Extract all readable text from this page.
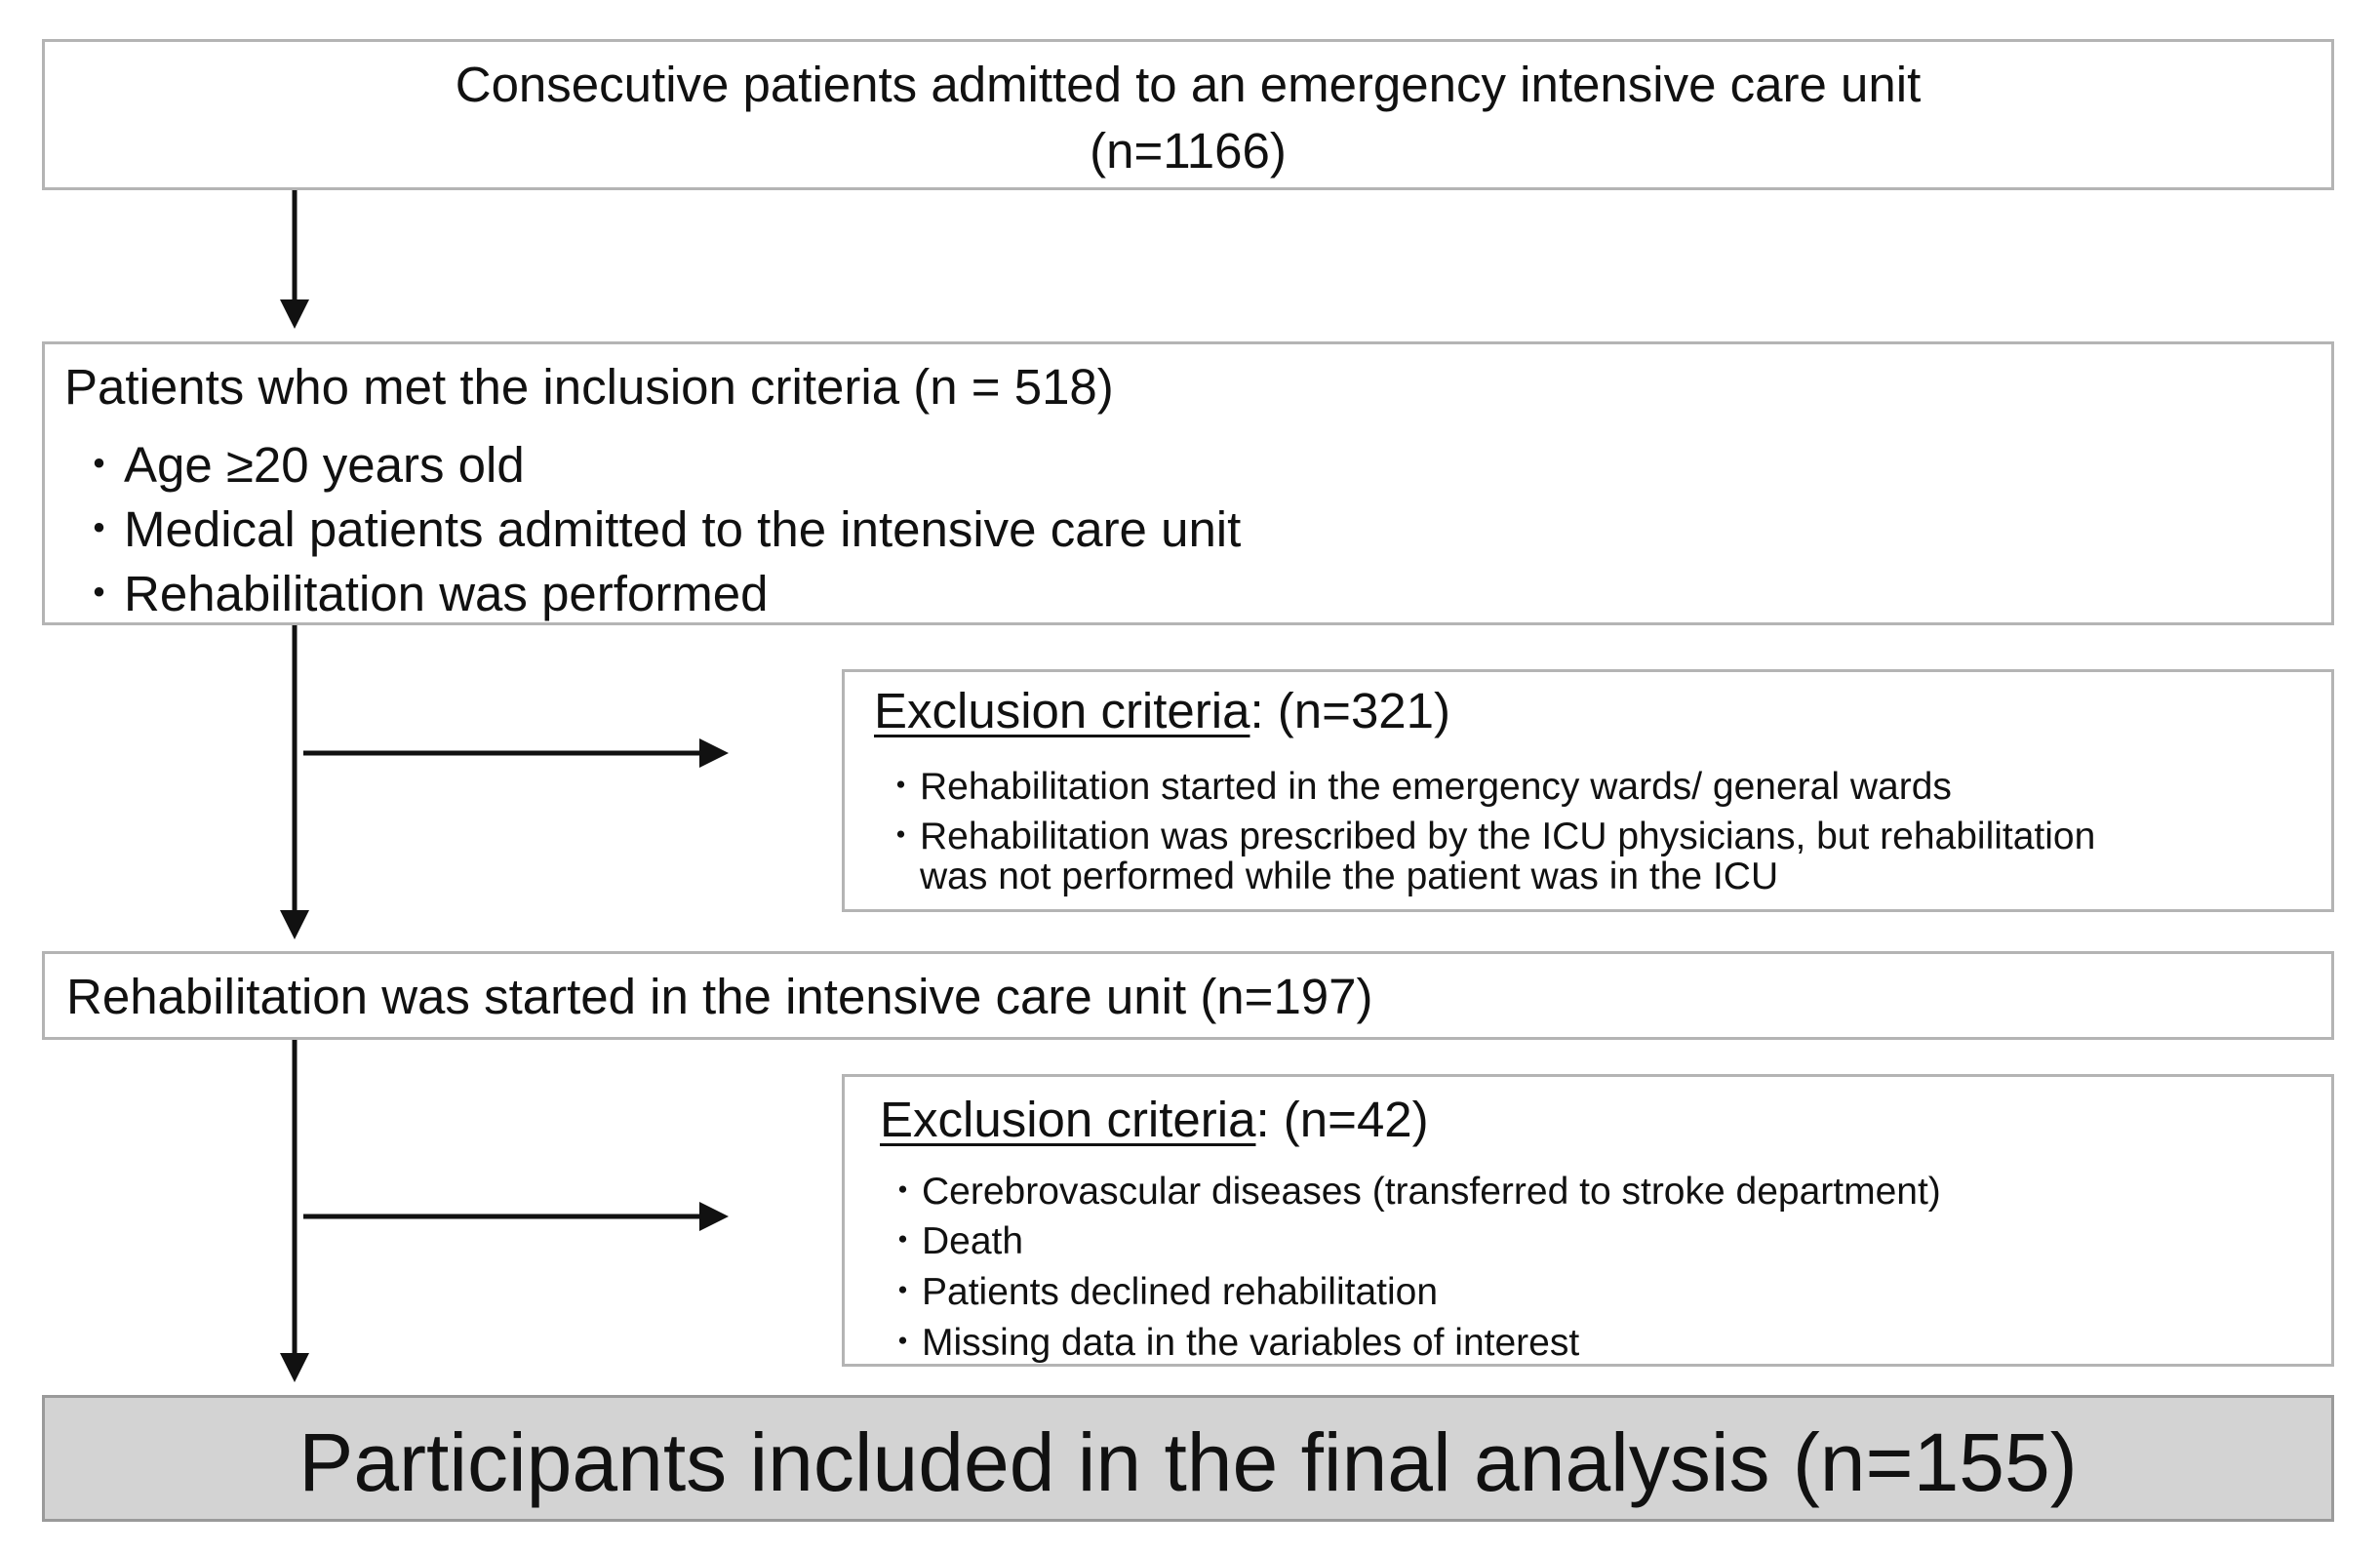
Consecutive patients admitted to an emergency intensive care unit
(n=1166)
Patients who met the inclusion criteria (n = 518)
・Age ≥20 years old
・Medical patients admitted to the intensive care unit
・Rehabilitation was performed
Exclusion criteria: (n=321)
・Rehabilitation started in the emergency wards/ general wards
・Rehabilitation was prescribed by the ICU physicians, but rehabilitation
was not performed while the patient was in the ICU
Rehabilitation was started in the intensive care unit (n=197)
Exclusion criteria: (n=42)
・Cerebrovascular diseases (transferred to stroke department)
・Death
・Patients declined rehabilitation
・Missing data in the variables of interest
Participants included in the final analysis (n=155)
